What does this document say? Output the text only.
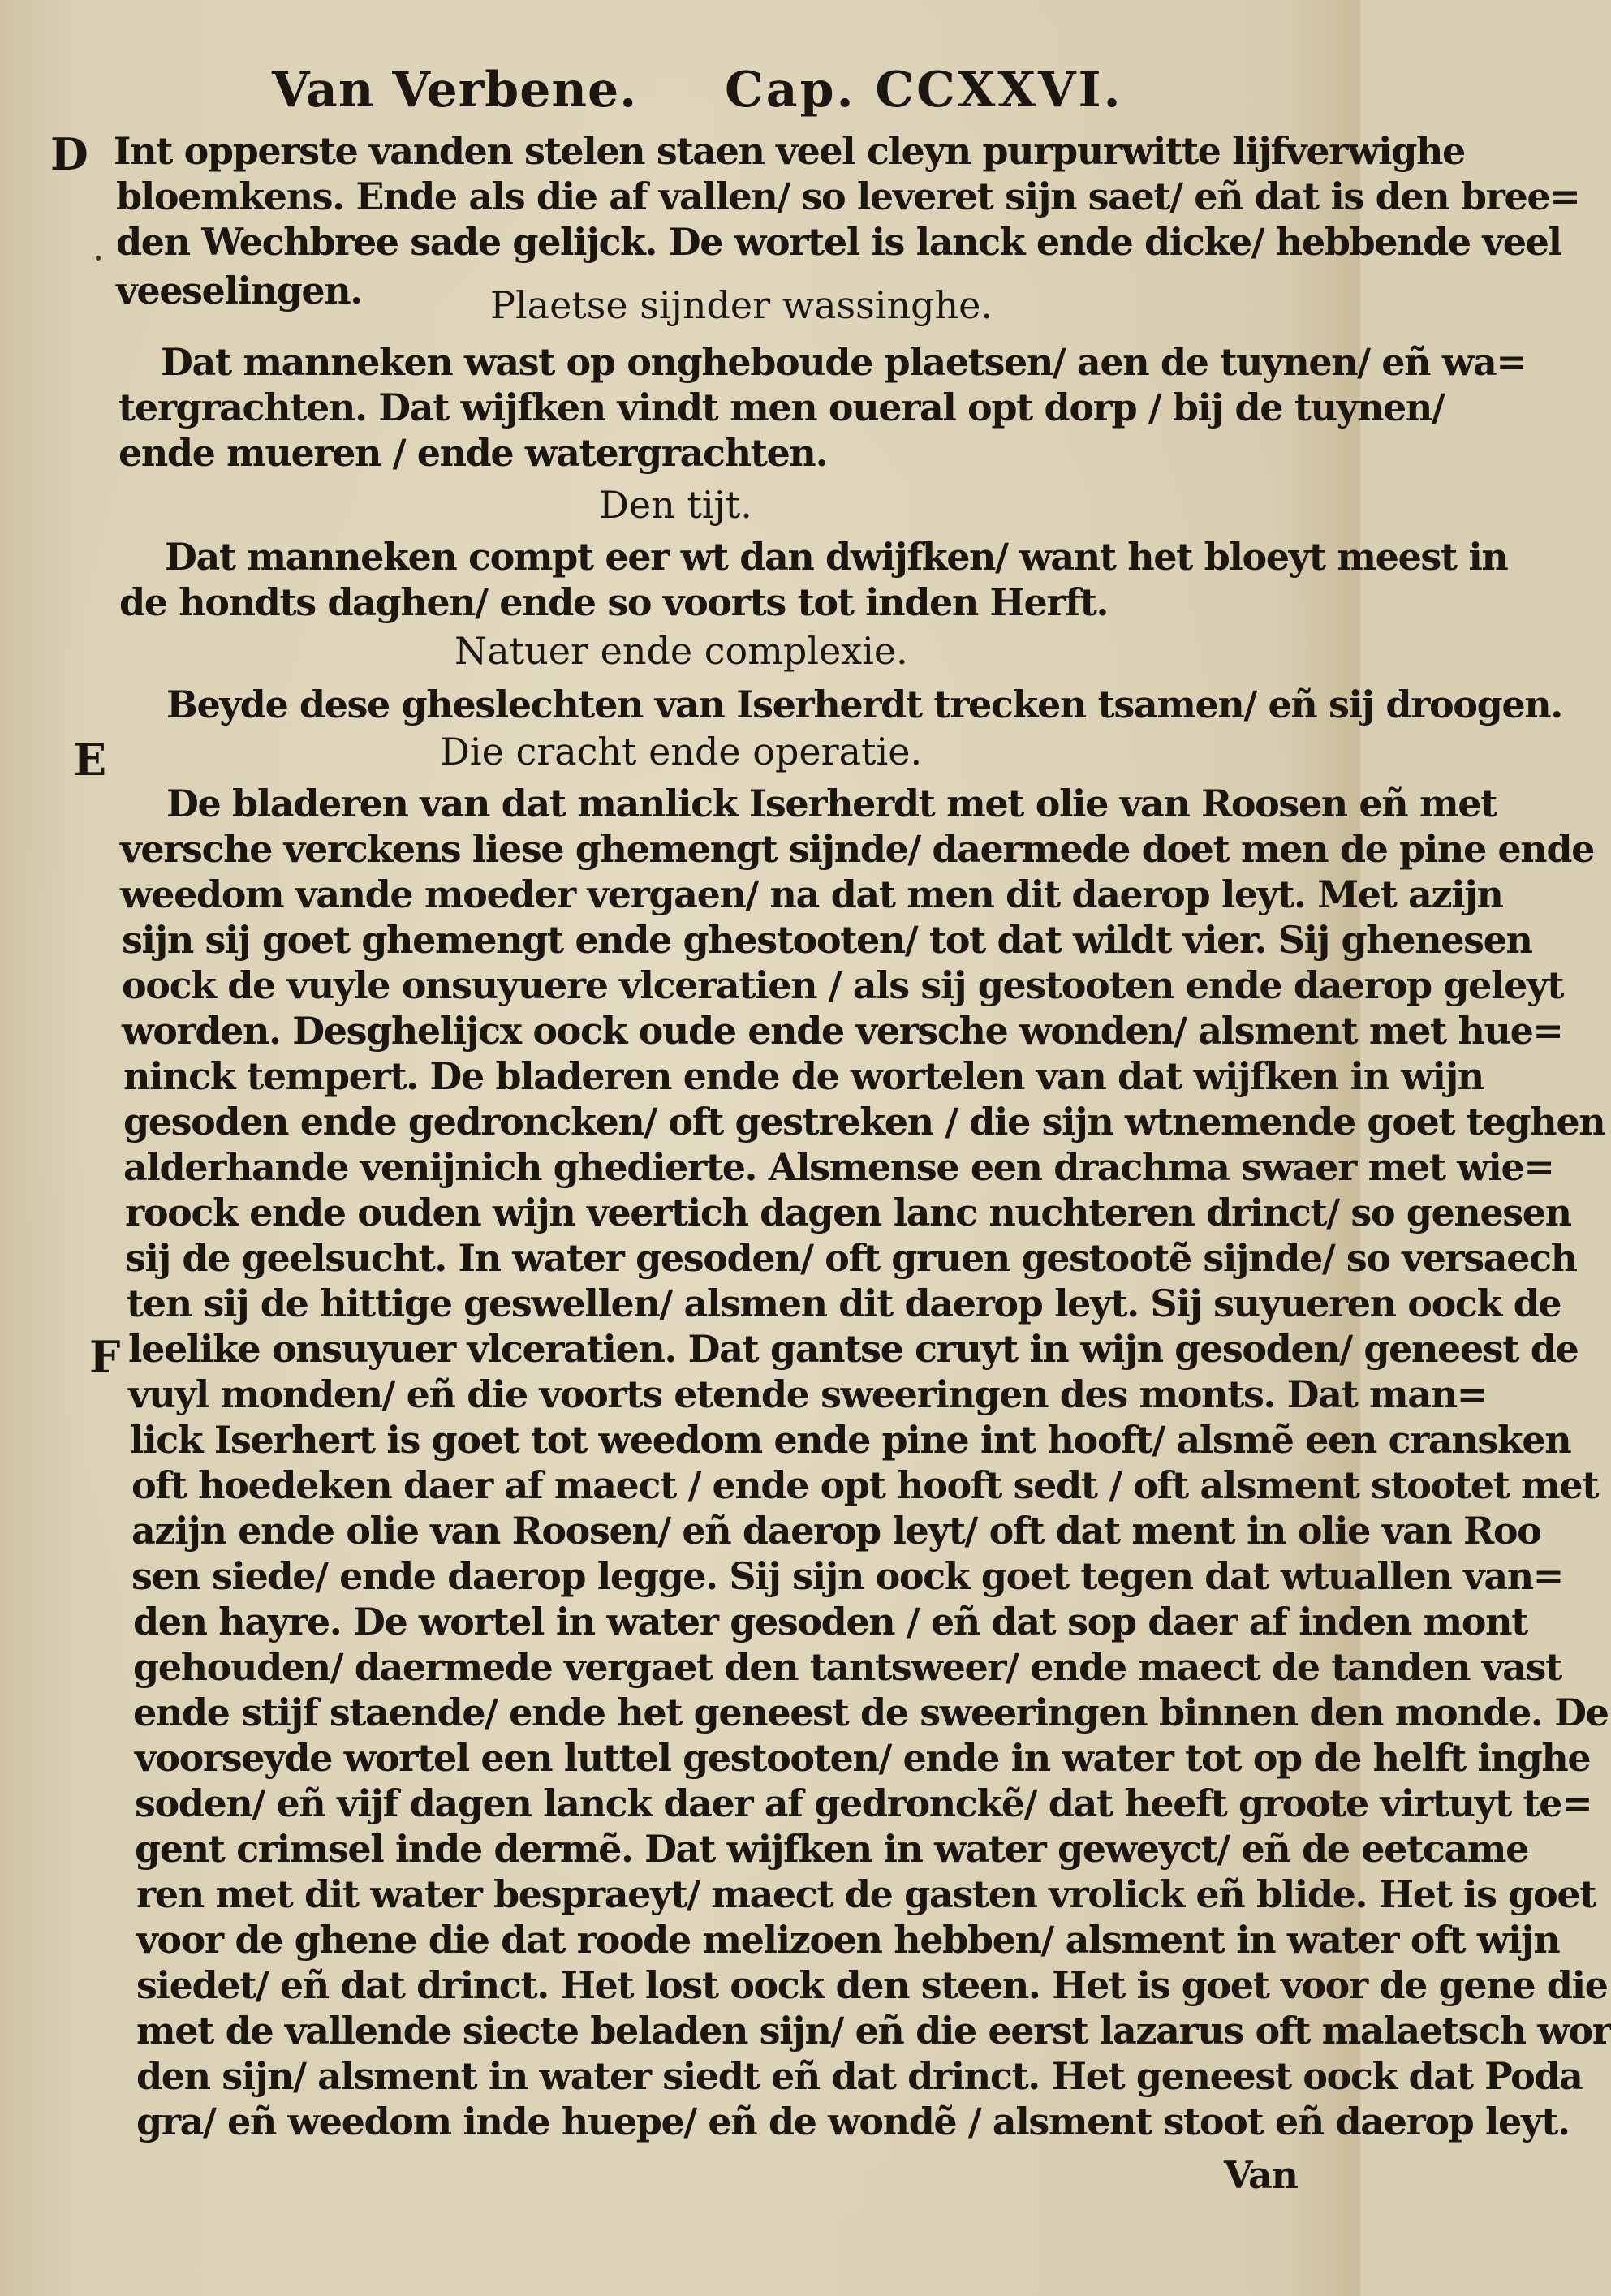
Van Verbene. Cap. CCXXVI.
D
E
F
Int opperste vanden stelen staen veel cleyn purpurwitte lijfverwighe
bloemkens. Ende als die af vallen/ so leveret sijn saet/ eñ dat is den bree=
den Wechbree sade gelijck. De wortel is lanck ende dicke/ hebbende veel
veeselingen.	Plaetse sijnder wassinghe.
Dat manneken wast op ongheboude plaetsen/ aen de tuynen/ eñ wa=
tergrachten. Dat wijfken vindt men oueral opt dorp / bij de tuynen/
ende mueren / ende watergrachten.
Den tijt.
Dat manneken compt eer wt dan dwijfken/ want het bloeyt meest in
de hondts daghen/ ende so voorts tot inden Herft.
Natuer ende complexie.
Beyde dese gheslechten van Iserherdt trecken tsamen/ eñ sij droogen.
Die cracht ende operatie.
De bladeren van dat manlick Iserherdt met olie van Roosen eñ met
versche verckens liese ghemengt sijnde/ daermede doet men de pine ende
weedom vande moeder vergaen/ na dat men dit daerop leyt. Met azijn
sijn sij goet ghemengt ende ghestooten/ tot dat wildt vier. Sij ghenesen
oock de vuyle onsuyuere vlceratien / als sij gestooten ende daerop geleyt
worden. Desghelijcx oock oude ende versche wonden/ alsment met hue=
ninck tempert. De bladeren ende de wortelen van dat wijfken in wijn
gesoden ende gedroncken/ oft gestreken / die sijn wtnemende goet teghen
alderhande venijnich ghedierte. Alsmense een drachma swaer met wie=
roock ende ouden wijn veertich dagen lanc nuchteren drinct/ so genesen
sij de geelsucht. In water gesoden/ oft gruen gestootẽ sijnde/ so versaech
ten sij de hittige geswellen/ alsmen dit daerop leyt. Sij suyueren oock de
leelike onsuyuer vlceratien. Dat gantse cruyt in wijn gesoden/ geneest de
vuyl monden/ eñ die voorts etende sweeringen des monts. Dat man=
lick Iserhert is goet tot weedom ende pine int hooft/ alsmẽ een cransken
oft hoedeken daer af maect / ende opt hooft sedt / oft alsment stootet met
azijn ende olie van Roosen/ eñ daerop leyt/ oft dat ment in olie van Roo
sen siede/ ende daerop legge. Sij sijn oock goet tegen dat wtuallen van=
den hayre. De wortel in water gesoden / eñ dat sop daer af inden mont
gehouden/ daermede vergaet den tantsweer/ ende maect de tanden vast
ende stijf staende/ ende het geneest de sweeringen binnen den monde. De
voorseyde wortel een luttel gestooten/ ende in water tot op de helft inghe
soden/ eñ vijf dagen lanck daer af gedronckẽ/ dat heeft groote virtuyt te=
gent crimsel inde dermẽ. Dat wijfken in water geweyct/ eñ de eetcame
ren met dit water bespraeyt/ maect de gasten vrolick eñ blide. Het is goet
voor de ghene die dat roode melizoen hebben/ alsment in water oft wijn
siedet/ eñ dat drinct. Het lost oock den steen. Het is goet voor de gene die
met de vallende siecte beladen sijn/ eñ die eerst lazarus oft malaetsch wor
den sijn/ alsment in water siedt eñ dat drinct. Het geneest oock dat Poda
gra/ eñ weedom inde huepe/ eñ de wondẽ / alsment stoot eñ daerop leyt.
Van
